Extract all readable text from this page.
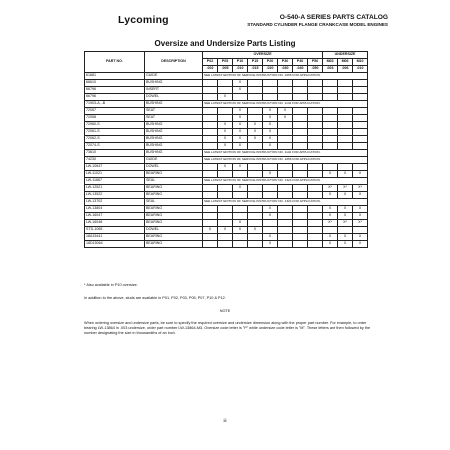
Lycoming	O-540-A SERIES PARTS CATALOG
STANDARD CYLINDER FLANGE CRANKCASE MODEL ENGINES
Oversize and Undersize Parts Listing
PART NO.	DESCRIPTION	OVERSIZE								UNDERSIZE		
		P02	P05	P10	P15	P20	P30	P40	P50	M03	M06	M10
		.002	.005	.010	.015	.020	.030	.040	.050	.003	.006	.010
61681	GUIDE	SEE LATEST EDITION OF SERVICE INSTRUCTION NO. 1056 FOR APPLICATION.										
66610	BUSHING			X								
66796	INSERT			X								
66796	DOWEL		X									
71903-A, -B	BUSHING	SEE LATEST EDITION OF SERVICE INSTRUCTION NO. 1143 FOR APPLICATION.										
72057	SEAT			X		X	X					
72058	SEAT			X		X	X					
72060-S	BUSHING		X	X	X	X						
72061-S	BUSHING		X	X	X	X						
72062-S	BUSHING		X	X	X	X						
72074-S	BUSHING		X	X		X						
73610	BUSHING	SEE LATEST EDITION OF SERVICE INSTRUCTION NO. 1142 FOR APPLICATION.										
74230	GUIDE	SEE LATEST EDITION OF SERVICE INSTRUCTION NO. 1056 FOR APPLICATION.										
LW-10647	DOWEL		X	X								
LW-11021	BEARING					X				X	X	X
LW-11667	SEAL	SEE LATEST EDITION OF SERVICE INSTRUCTION NO. 1324 FOR APPLICATION.										
LW-12521	BEARING			X						X*	X*	X*
LW-13522	BEARING									X	X	X
LW-13702	SEAL	SEE LATEST EDITION OF SERVICE INSTRUCTION NO. 1324 FOR APPLICATION.										
LW-13804	BEARING					X				X	X	X
LW-16047	BEARING					X				X	X	X
LW-16048	BEARING			X						X*	X*	X*
STD-1065	DOWEL	X	X	X	X							
18A15441	BEARING					X				X	X	X
18D15064	BEARING					X				X	X	X
* Also available in P10 oversize.
In addition to the above, studs are available in P01, P02, P03, P05, P07, P10 & P12.
NOTE
When ordering oversize and undersize parts, be sure to specify the required oversize and undersize dimension along with the proper part number. For example, to order bearing LW-13864 in .003 undersize, order part number LW-13864-M3. Oversize code letter is "P" while undersize code letter is "M". These letters are then followed by the number designating the size in thousandths of an inch.
iii
